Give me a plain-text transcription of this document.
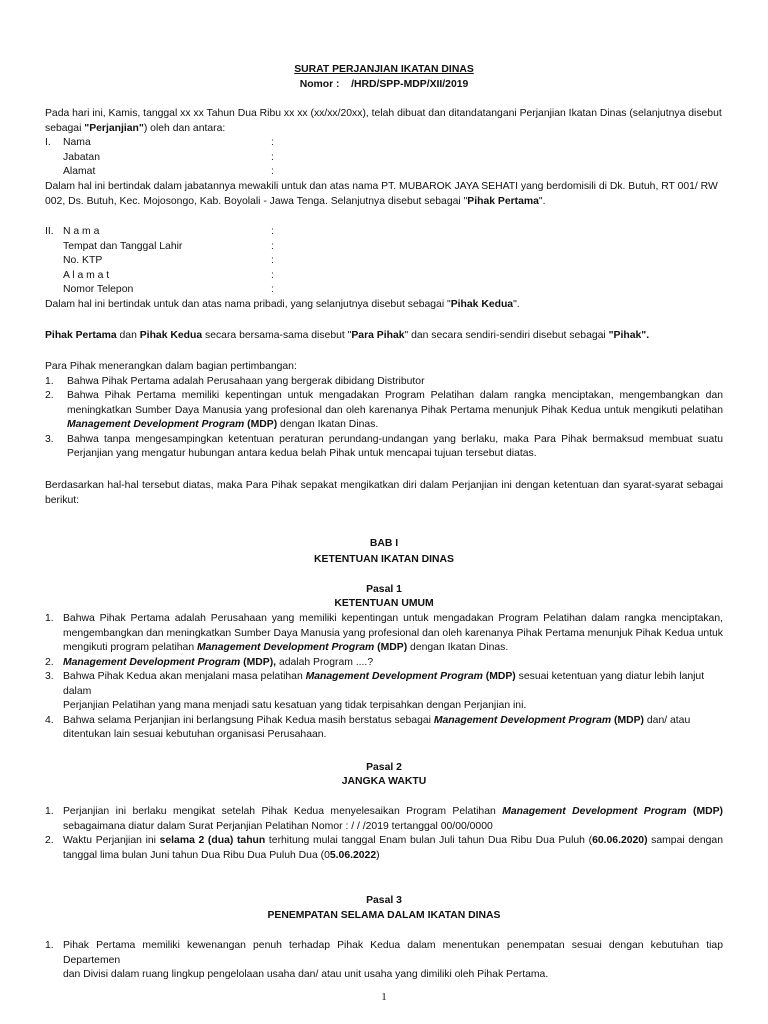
SURAT PERJANJIAN IKATAN DINAS
Nomor : /HRD/SPP-MDP/XII/2019
Pada hari ini, Kamis, tanggal xx xx Tahun Dua Ribu xx xx (xx/xx/20xx), telah dibuat dan ditandatangani Perjanjian Ikatan Dinas (selanjutnya disebut
sebagai "Perjanjian") oleh dan antara:
I. Nama	:
Jabatan	:
Alamat	:
Dalam hal ini bertindak dalam jabatannya mewakili untuk dan atas nama PT. MUBAROK JAYA SEHATI yang berdomisili di Dk. Butuh, RT 001/ RW
002, Ds. Butuh, Kec. Mojosongo, Kab. Boyolali - Jawa Tenga. Selanjutnya disebut sebagai "Pihak Pertama".
II. N a m a	:
Tempat dan Tanggal Lahir	:
No. KTP	:
A l a m a t	:
Nomor Telepon	:
Dalam hal ini bertindak untuk dan atas nama pribadi, yang selanjutnya disebut sebagai "Pihak Kedua".
Pihak Pertama dan Pihak Kedua secara bersama-sama disebut "Para Pihak" dan secara sendiri-sendiri disebut sebagai "Pihak".
Para Pihak menerangkan dalam bagian pertimbangan:
1. Bahwa Pihak Pertama adalah Perusahaan yang bergerak dibidang Distributor
2. Bahwa Pihak Pertama memiliki kepentingan untuk mengadakan Program Pelatihan dalam rangka menciptakan, mengembangkan dan
meningkatkan Sumber Daya Manusia yang profesional dan oleh karenanya Pihak Pertama menunjuk Pihak Kedua untuk mengikuti pelatihan
Management Development Program (MDP) dengan Ikatan Dinas.
3. Bahwa tanpa mengesampingkan ketentuan peraturan perundang-undangan yang berlaku, maka Para Pihak bermaksud membuat suatu
Perjanjian yang mengatur hubungan antara kedua belah Pihak untuk mencapai tujuan tersebut diatas.
Berdasarkan hal-hal tersebut diatas, maka Para Pihak sepakat mengikatkan diri dalam Perjanjian ini dengan ketentuan dan syarat-syarat sebagai
berikut:
BAB I
KETENTUAN IKATAN DINAS
Pasal 1
KETENTUAN UMUM
1. Bahwa Pihak Pertama adalah Perusahaan yang memiliki kepentingan untuk mengadakan Program Pelatihan dalam rangka menciptakan,
mengembangkan dan meningkatkan Sumber Daya Manusia yang profesional dan oleh karenanya Pihak Pertama menunjuk Pihak Kedua untuk
mengikuti program pelatihan Management Development Program (MDP) dengan Ikatan Dinas.
2. Management Development Program (MDP), adalah Program ....?
3. Bahwa Pihak Kedua akan menjalani masa pelatihan Management Development Program (MDP) sesuai ketentuan yang diatur lebih lanjut dalam
Perjanjian Pelatihan yang mana menjadi satu kesatuan yang tidak terpisahkan dengan Perjanjian ini.
4. Bahwa selama Perjanjian ini berlangsung Pihak Kedua masih berstatus sebagai Management Development Program (MDP) dan/ atau
ditentukan lain sesuai kebutuhan organisasi Perusahaan.
Pasal 2
JANGKA WAKTU
1. Perjanjian ini berlaku mengikat setelah Pihak Kedua menyelesaikan Program Pelatihan Management Development Program (MDP)
sebagaimana diatur dalam Surat Perjanjian Pelatihan Nomor : / / /2019 tertanggal 00/00/0000
2. Waktu Perjanjian ini selama 2 (dua) tahun terhitung mulai tanggal Enam bulan Juli tahun Dua Ribu Dua Puluh (60.06.2020) sampai dengan
tanggal lima bulan Juni tahun Dua Ribu Dua Puluh Dua (05.06.2022)
Pasal 3
PENEMPATAN SELAMA DALAM IKATAN DINAS
1. Pihak Pertama memiliki kewenangan penuh terhadap Pihak Kedua dalam menentukan penempatan sesuai dengan kebutuhan tiap Departemen
dan Divisi dalam ruang lingkup pengelolaan usaha dan/ atau unit usaha yang dimiliki oleh Pihak Pertama.
1
